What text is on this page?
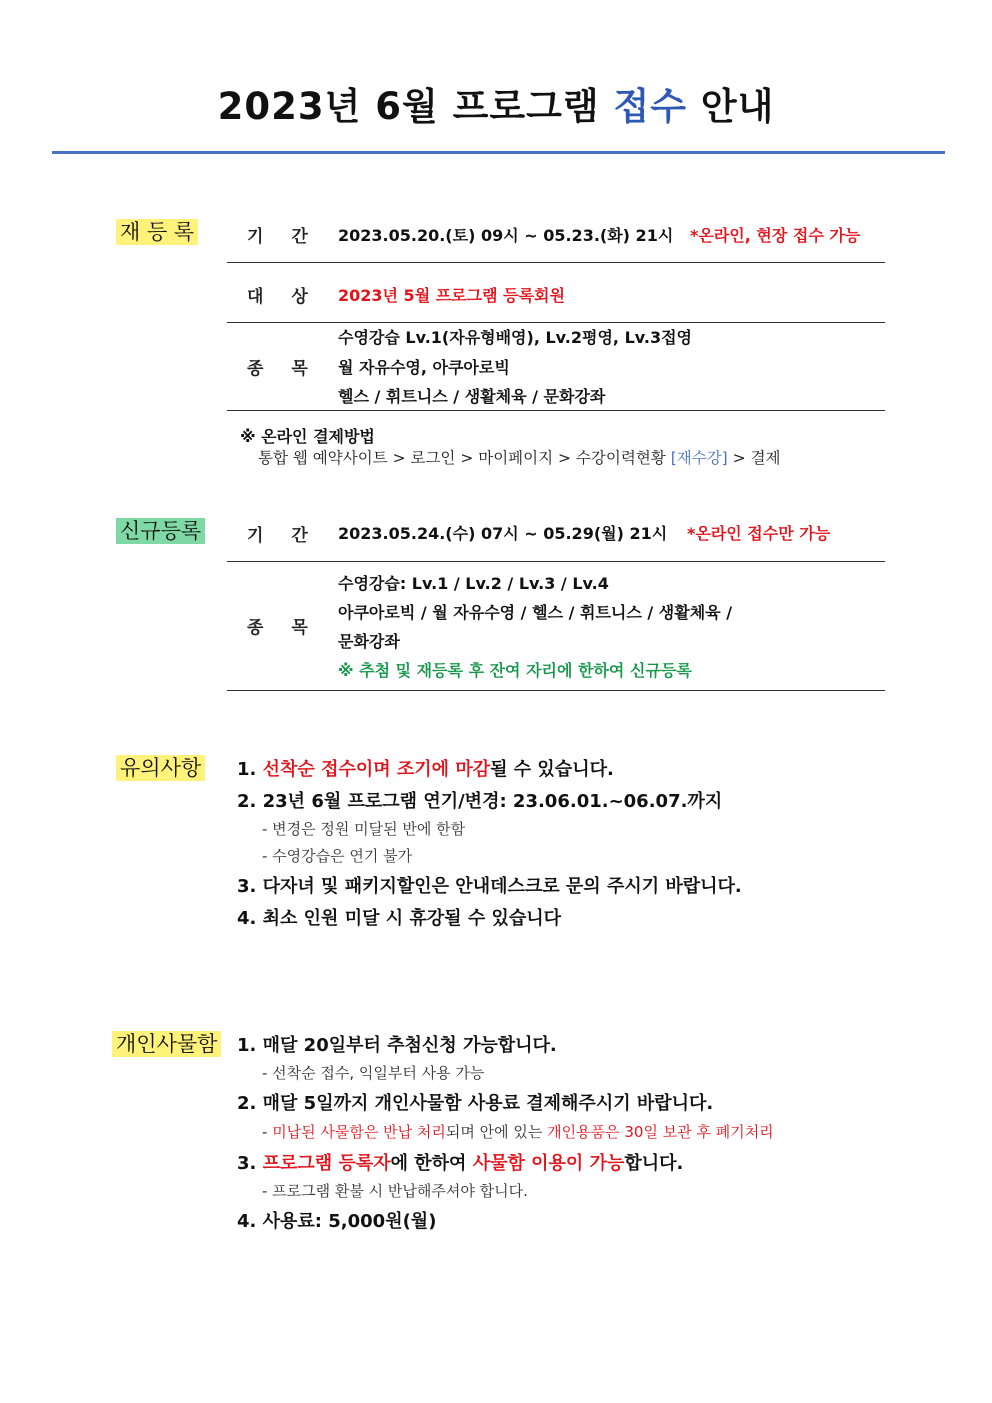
2023년 6월 프로그램 접수 안내
재 등 록	기 간 2023.05.20.(토) 09시 ~ 05.23.(화) 21시 *온라인, 현장 접수 가능
대 상 2023년 5월 프로그램 등록회원
종 목
수영강습 Lv.1(자유형배영), Lv.2평영, Lv.3접영
월 자유수영, 아쿠아로빅
헬스 / 휘트니스 / 생활체육 / 문화강좌
※ 온라인 결제방법
통합 웹 예약사이트 > 로그인 > 마이페이지 > 수강이력현황 [재수강] > 결제
신규등록	기 간 2023.05.24.(수) 07시 ~ 05.29(월) 21시 *온라인 접수만 가능
종 목
수영강습: Lv.1 / Lv.2 / Lv.3 / Lv.4
아쿠아로빅 / 월 자유수영 / 헬스 / 휘트니스 / 생활체육 /
문화강좌
※ 추첨 및 재등록 후 잔여 자리에 한하여 신규등록
유의사항 1. 선착순 접수이며 조기에 마감될 수 있습니다.
2. 23년 6월 프로그램 연기/변경: 23.06.01.~06.07.까지
- 변경은 정원 미달된 반에 한함
- 수영강습은 연기 불가
3. 다자녀 및 패키지할인은 안내데스크로 문의 주시기 바랍니다.
4. 최소 인원 미달 시 휴강될 수 있습니다
개인사물함 1. 매달 20일부터 추첨신청 가능합니다.
- 선착순 접수, 익일부터 사용 가능
2. 매달 5일까지 개인사물함 사용료 결제해주시기 바랍니다.
- 미납된 사물함은 반납 처리되며 안에 있는 개인용품은 30일 보관 후 폐기처리
3. 프로그램 등록자에 한하여 사물함 이용이 가능합니다.
- 프로그램 환불 시 반납해주셔야 합니다.
4. 사용료: 5,000원(월)
